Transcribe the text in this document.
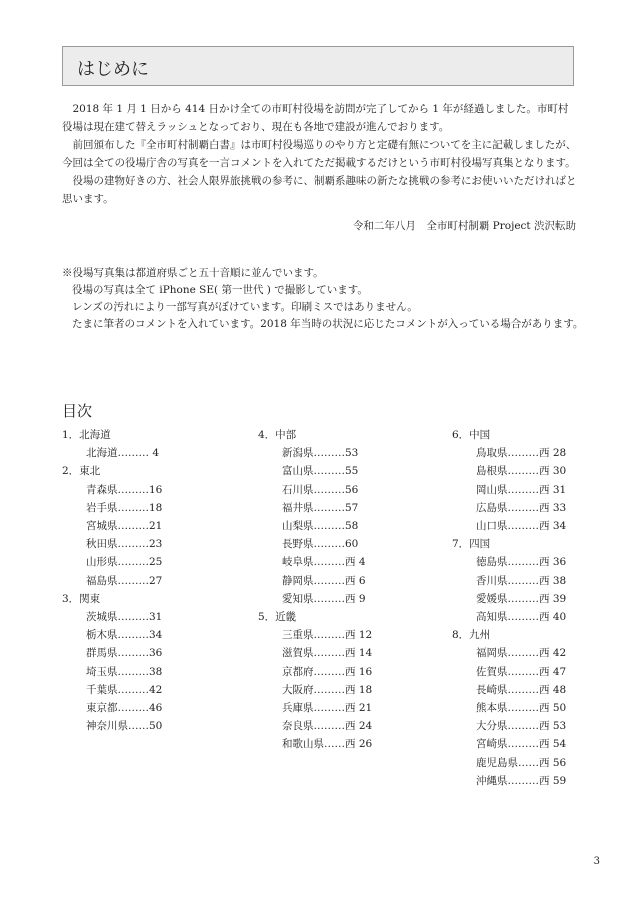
はじめに

2018 年 1 月 1 日から 414 日かけ全ての市町村役場を訪問が完了してから 1 年が経過しました。市町村役場は現在建て替えラッシュとなっており、現在も各地で建設が進んでおります。

前回頒布した『全市町村制覇白書』は市町村役場巡りのやり方と定礎有無についてを主に記載しましたが、今回は全ての役場庁舎の写真を一言コメントを入れてただ掲載するだけという市町村役場写真集となります。

役場の建物好きの方、社会人限界旅挑戦の参考に、制覇系趣味の新たな挑戦の参考にお使いいただければと思います。

令和二年八月　全市町村制覇 Project 渋沢転助
※役場写真集は都道府県ごと五十音順に並んでいます。
役場の写真は全て iPhone SE( 第一世代 ) で撮影しています。
レンズの汚れにより一部写真がぼけています。印刷ミスではありません。
たまに筆者のコメントを入れています。2018 年当時の状況に応じたコメントが入っている場合があります。
目次
1．北海道
北海道……… 4
2．東北
青森県………16
岩手県………18
宮城県………21
秋田県………23
山形県………25
福島県………27
3．関東
茨城県………31
栃木県………34
群馬県………36
埼玉県………38
千葉県………42
東京都………46
神奈川県……50
4．中部
新潟県………53
富山県………55
石川県………56
福井県………57
山梨県………58
長野県………60
岐阜県………西 4
静岡県………西 6
愛知県………西 9
5．近畿
三重県………西 12
滋賀県………西 14
京都府………西 16
大阪府………西 18
兵庫県………西 21
奈良県………西 24
和歌山県……西 26
6．中国
鳥取県………西 28
島根県………西 30
岡山県………西 31
広島県………西 33
山口県………西 34
7．四国
徳島県………西 36
香川県………西 38
愛媛県………西 39
高知県………西 40
8．九州
福岡県………西 42
佐賀県………西 47
長崎県………西 48
熊本県………西 50
大分県………西 53
宮崎県………西 54
鹿児島県……西 56
沖縄県………西 59
3
